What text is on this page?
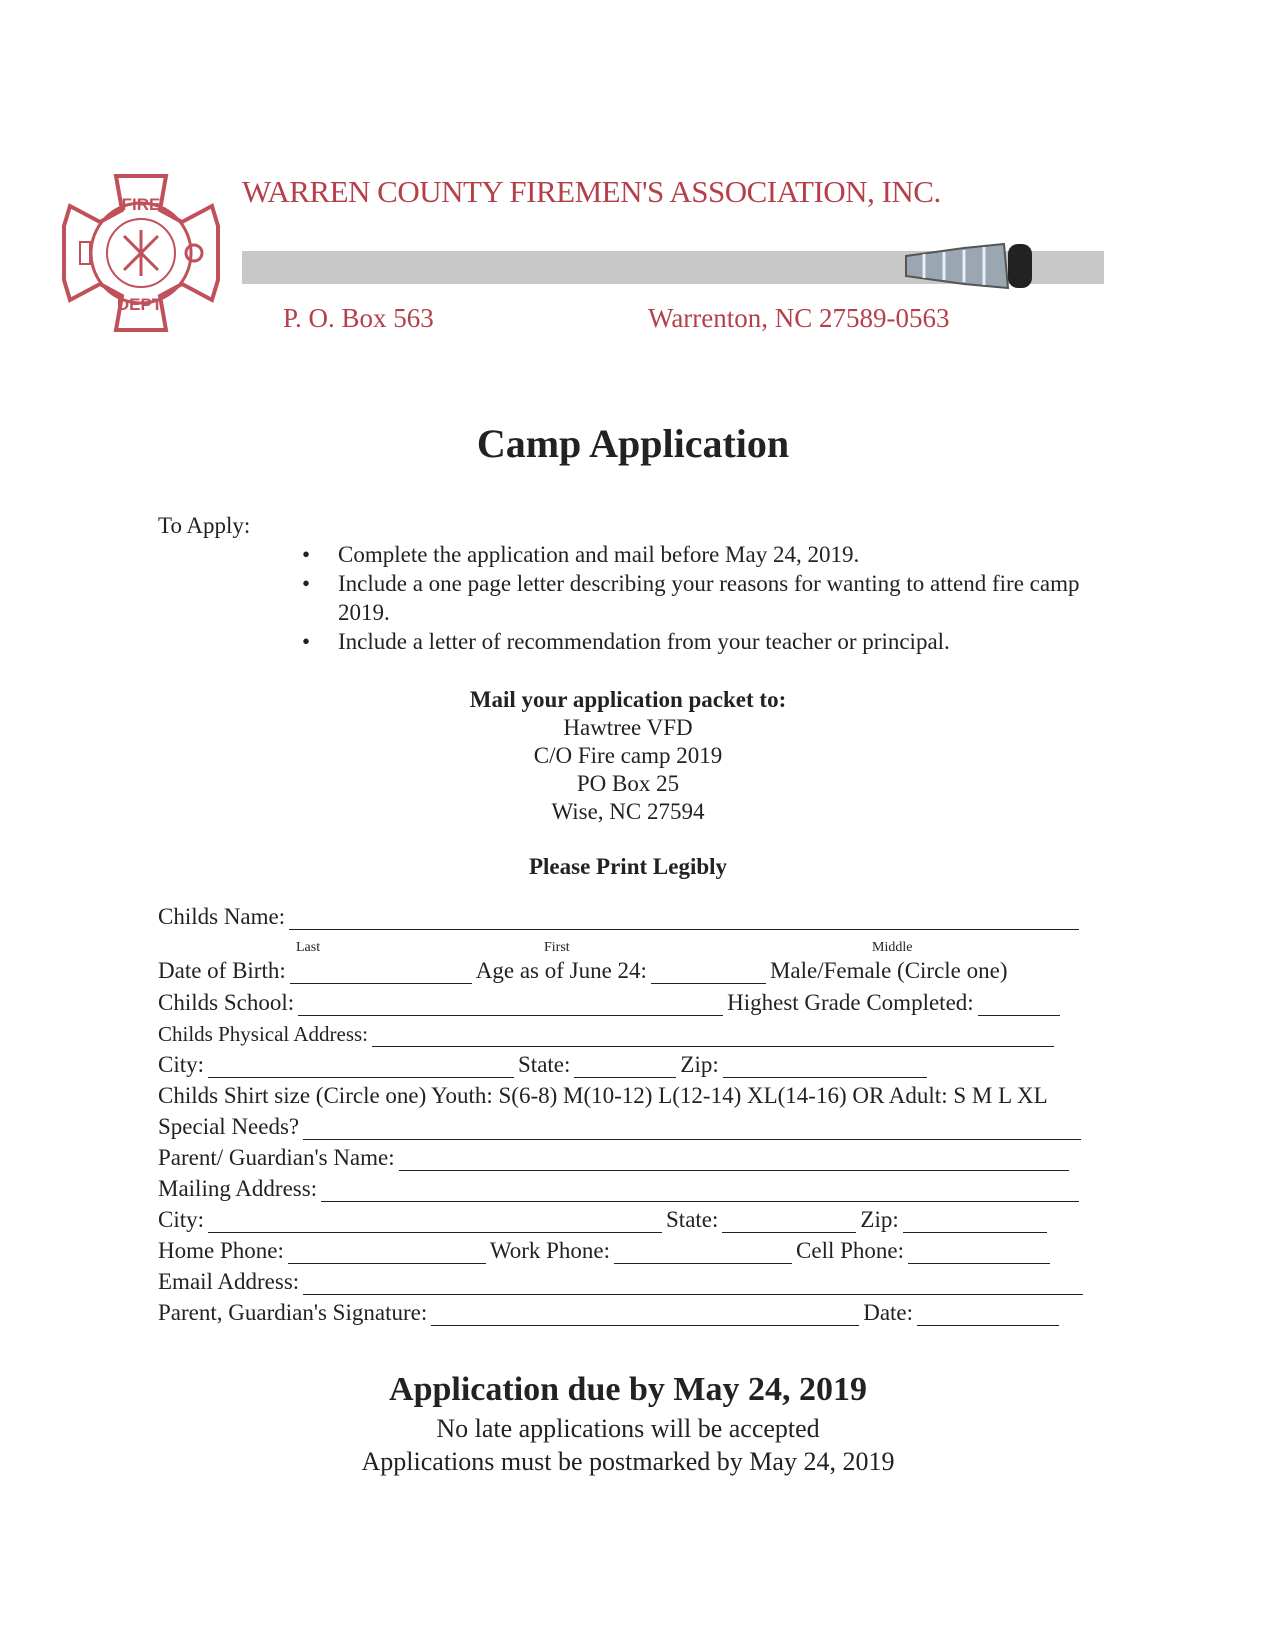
FIRE
DEPT.
WARREN COUNTY FIREMEN'S ASSOCIATION, INC.
P. O. Box 563	Warrenton, NC 27589-0563
Camp Application
To Apply:
• Complete the application and mail before May 24, 2019.
• Include a one page letter describing your reasons for wanting to attend fire camp 2019.
• Include a letter of recommendation from your teacher or principal.
Mail your application packet to:
Hawtree VFD
C/O Fire camp 2019
PO Box 25
Wise, NC 27594
Please Print Legibly
Childs Name:
Last	First	Middle
Date of Birth:	Age as of June 24:	Male/Female (Circle one)
Childs School:	Highest Grade Completed:
Childs Physical Address:
City:	State:	Zip:
Childs Shirt size (Circle one) Youth: S(6-8) M(10-12) L(12-14) XL(14-16) OR Adult: S M L XL
Special Needs?
Parent/ Guardian's Name:
Mailing Address:
City:	State:	Zip:
Home Phone:	Work Phone:	Cell Phone:
Email Address:
Parent, Guardian's Signature:	Date:
Application due by May 24, 2019
No late applications will be accepted
Applications must be postmarked by May 24, 2019
